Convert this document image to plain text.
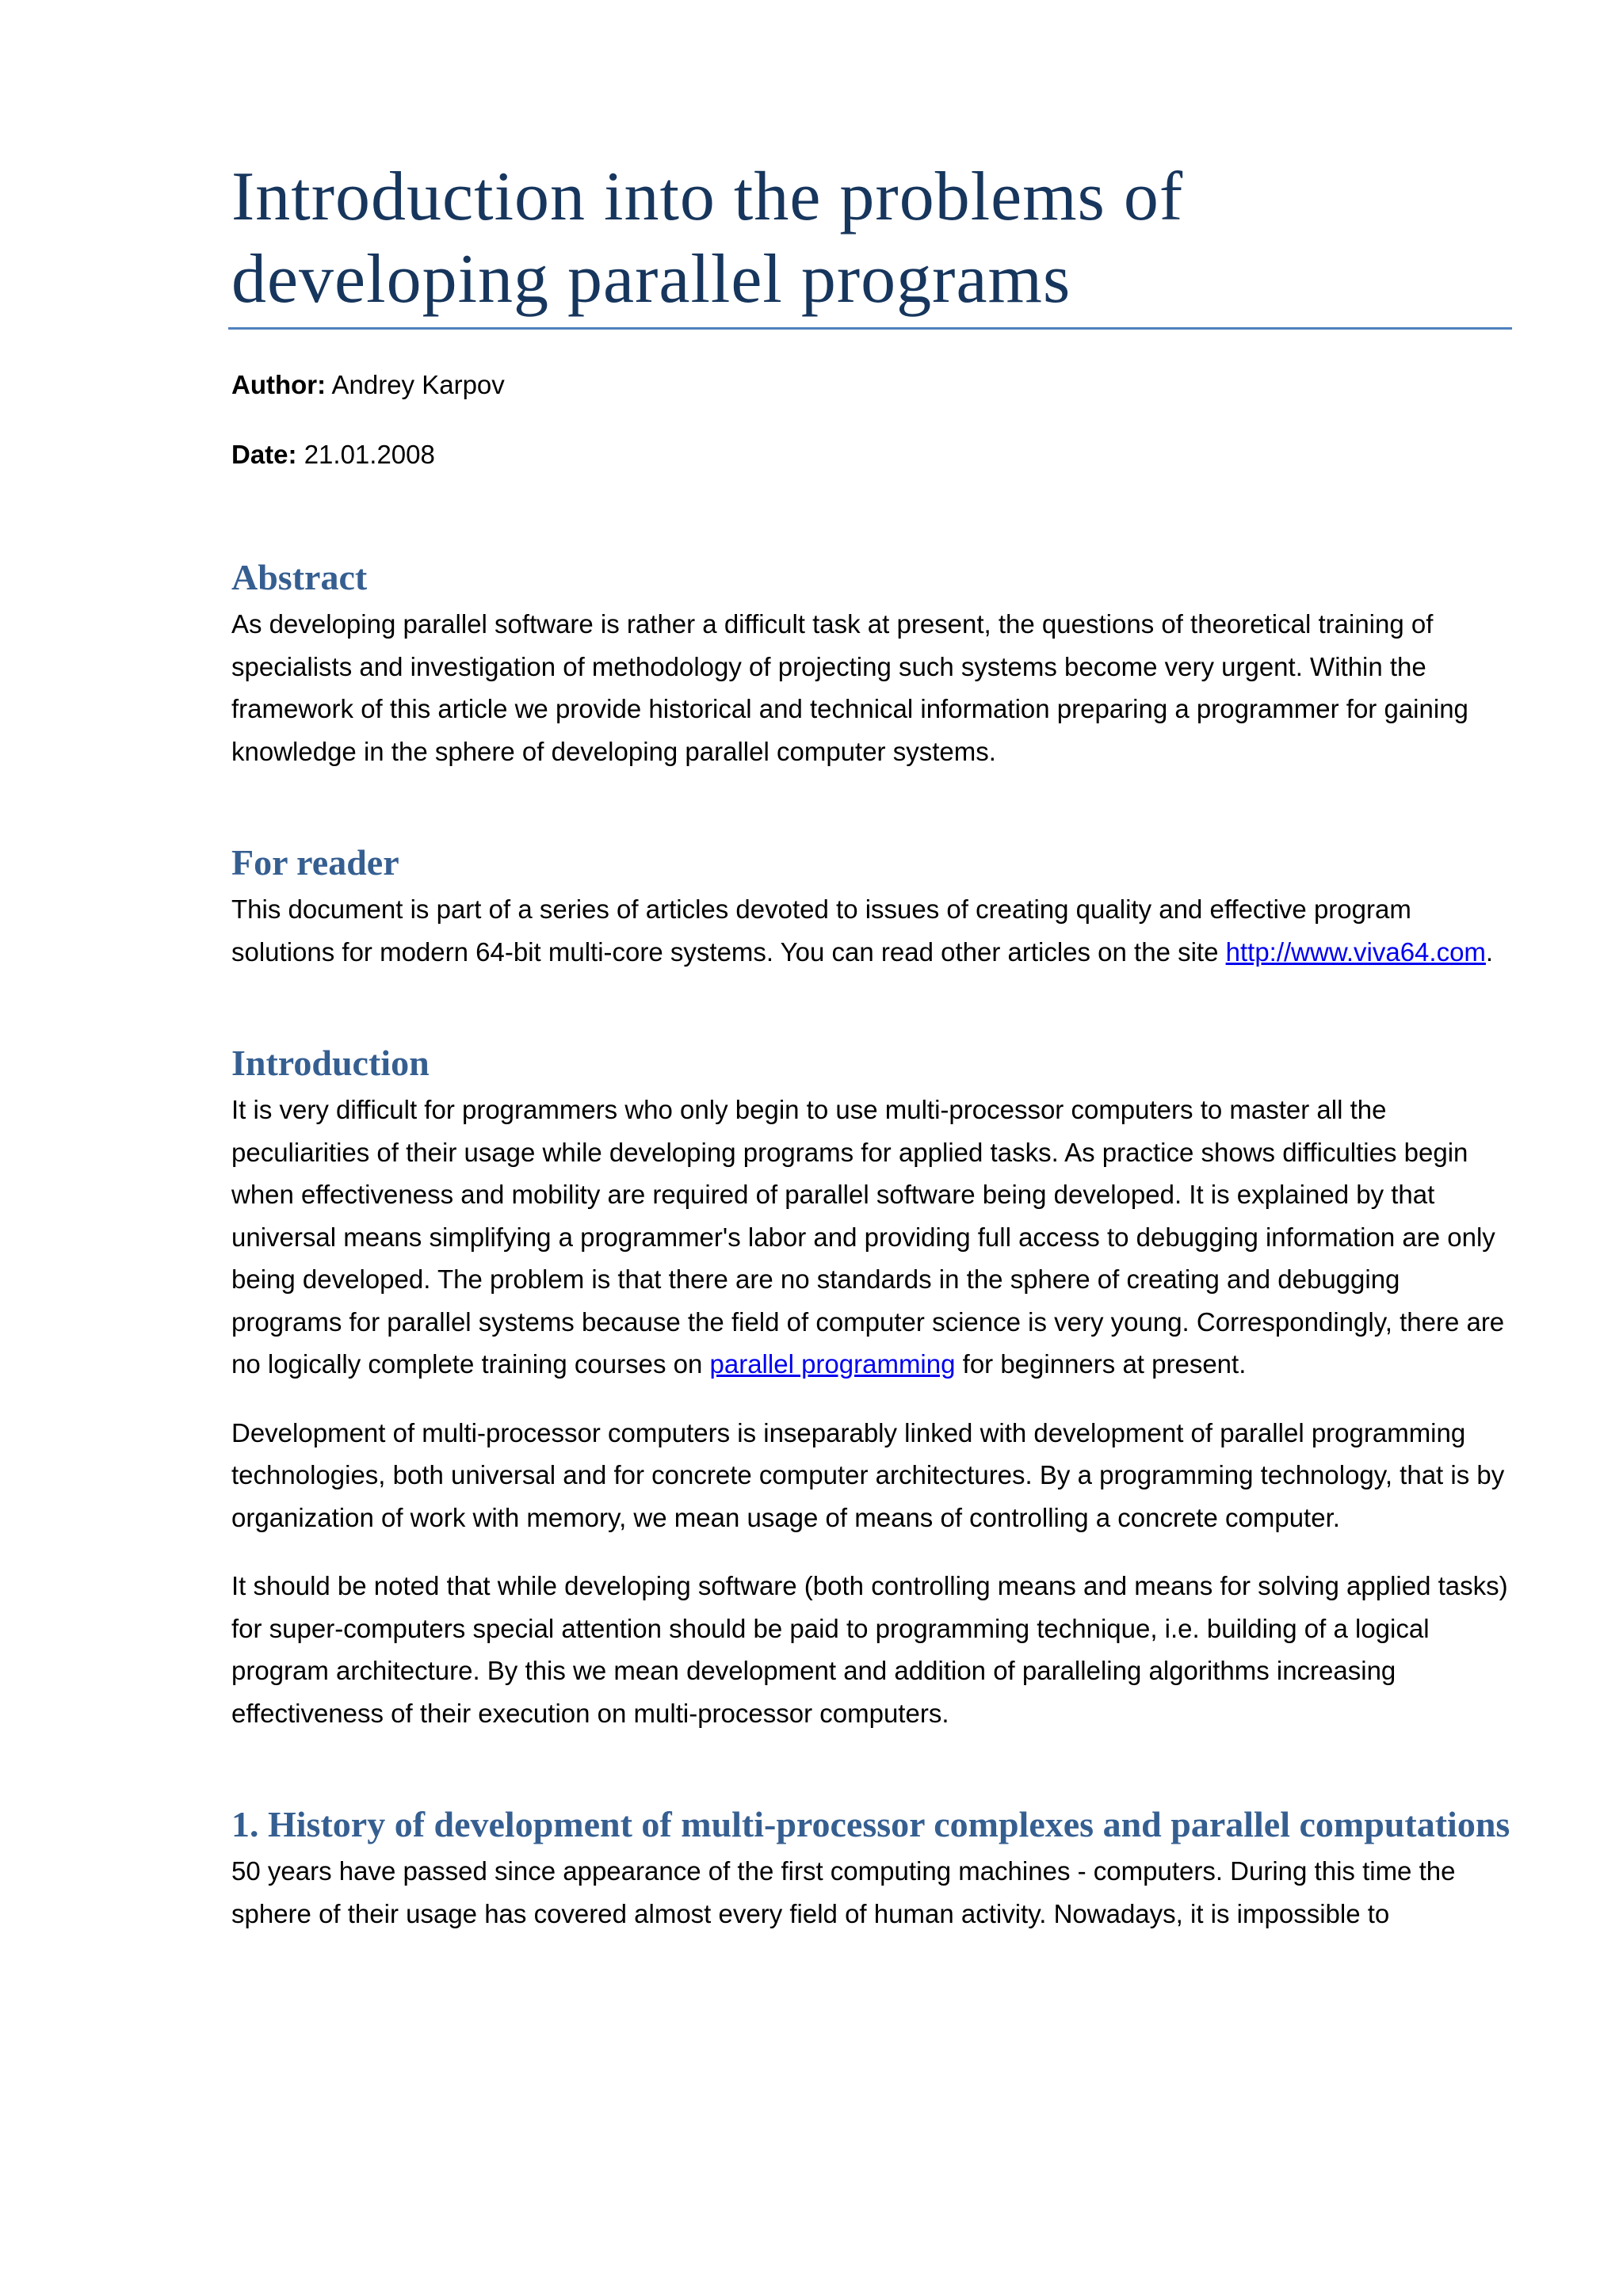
Introduction into the problems of developing parallel programs

Author: Andrey Karpov

Date: 21.01.2008

Abstract

As developing parallel software is rather a difficult task at present, the questions of theoretical training of specialists and investigation of methodology of projecting such systems become very urgent. Within the framework of this article we provide historical and technical information preparing a programmer for gaining knowledge in the sphere of developing parallel computer systems.

For reader

This document is part of a series of articles devoted to issues of creating quality and effective program solutions for modern 64-bit multi-core systems. You can read other articles on the site http://www.viva64.com.

Introduction

It is very difficult for programmers who only begin to use multi-processor computers to master all the peculiarities of their usage while developing programs for applied tasks. As practice shows difficulties begin when effectiveness and mobility are required of parallel software being developed. It is explained by that universal means simplifying a programmer's labor and providing full access to debugging information are only being developed. The problem is that there are no standards in the sphere of creating and debugging programs for parallel systems because the field of computer science is very young. Correspondingly, there are no logically complete training courses on parallel programming for beginners at present.

Development of multi-processor computers is inseparably linked with development of parallel programming technologies, both universal and for concrete computer architectures. By a programming technology, that is by organization of work with memory, we mean usage of means of controlling a concrete computer.

It should be noted that while developing software (both controlling means and means for solving applied tasks) for super-computers special attention should be paid to programming technique, i.e. building of a logical program architecture. By this we mean development and addition of paralleling algorithms increasing effectiveness of their execution on multi-processor computers.

1. History of development of multi-processor complexes and parallel computations

50 years have passed since appearance of the first computing machines - computers. During this time the sphere of their usage has covered almost every field of human activity. Nowadays, it is impossible to
